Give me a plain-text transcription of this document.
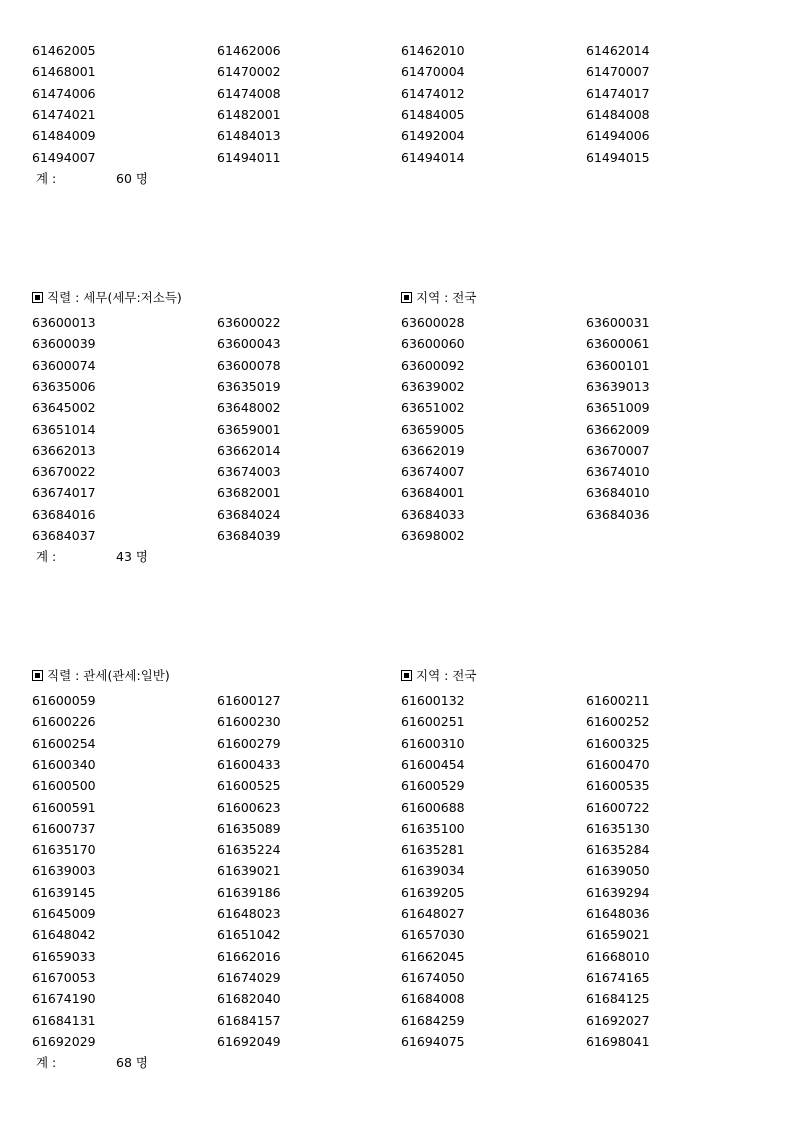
61462005	61462006	61462010	61462014
61468001	61470002	61470004	61470007
61474006	61474008	61474012	61474017
61474021	61482001	61484005	61484008
61484009	61484013	61492004	61494006
61494007	61494011	61494014	61494015
계 :	60 명
직렬 : 세무(세무:저소득)	지역 : 전국
63600013	63600022	63600028	63600031
63600039	63600043	63600060	63600061
63600074	63600078	63600092	63600101
63635006	63635019	63639002	63639013
63645002	63648002	63651002	63651009
63651014	63659001	63659005	63662009
63662013	63662014	63662019	63670007
63670022	63674003	63674007	63674010
63674017	63682001	63684001	63684010
63684016	63684024	63684033	63684036
63684037	63684039	63698002
계 :	43 명
직렬 : 관세(관세:일반)	지역 : 전국
61600059	61600127	61600132	61600211
61600226	61600230	61600251	61600252
61600254	61600279	61600310	61600325
61600340	61600433	61600454	61600470
61600500	61600525	61600529	61600535
61600591	61600623	61600688	61600722
61600737	61635089	61635100	61635130
61635170	61635224	61635281	61635284
61639003	61639021	61639034	61639050
61639145	61639186	61639205	61639294
61645009	61648023	61648027	61648036
61648042	61651042	61657030	61659021
61659033	61662016	61662045	61668010
61670053	61674029	61674050	61674165
61674190	61682040	61684008	61684125
61684131	61684157	61684259	61692027
61692029	61692049	61694075	61698041
계 :	68 명
